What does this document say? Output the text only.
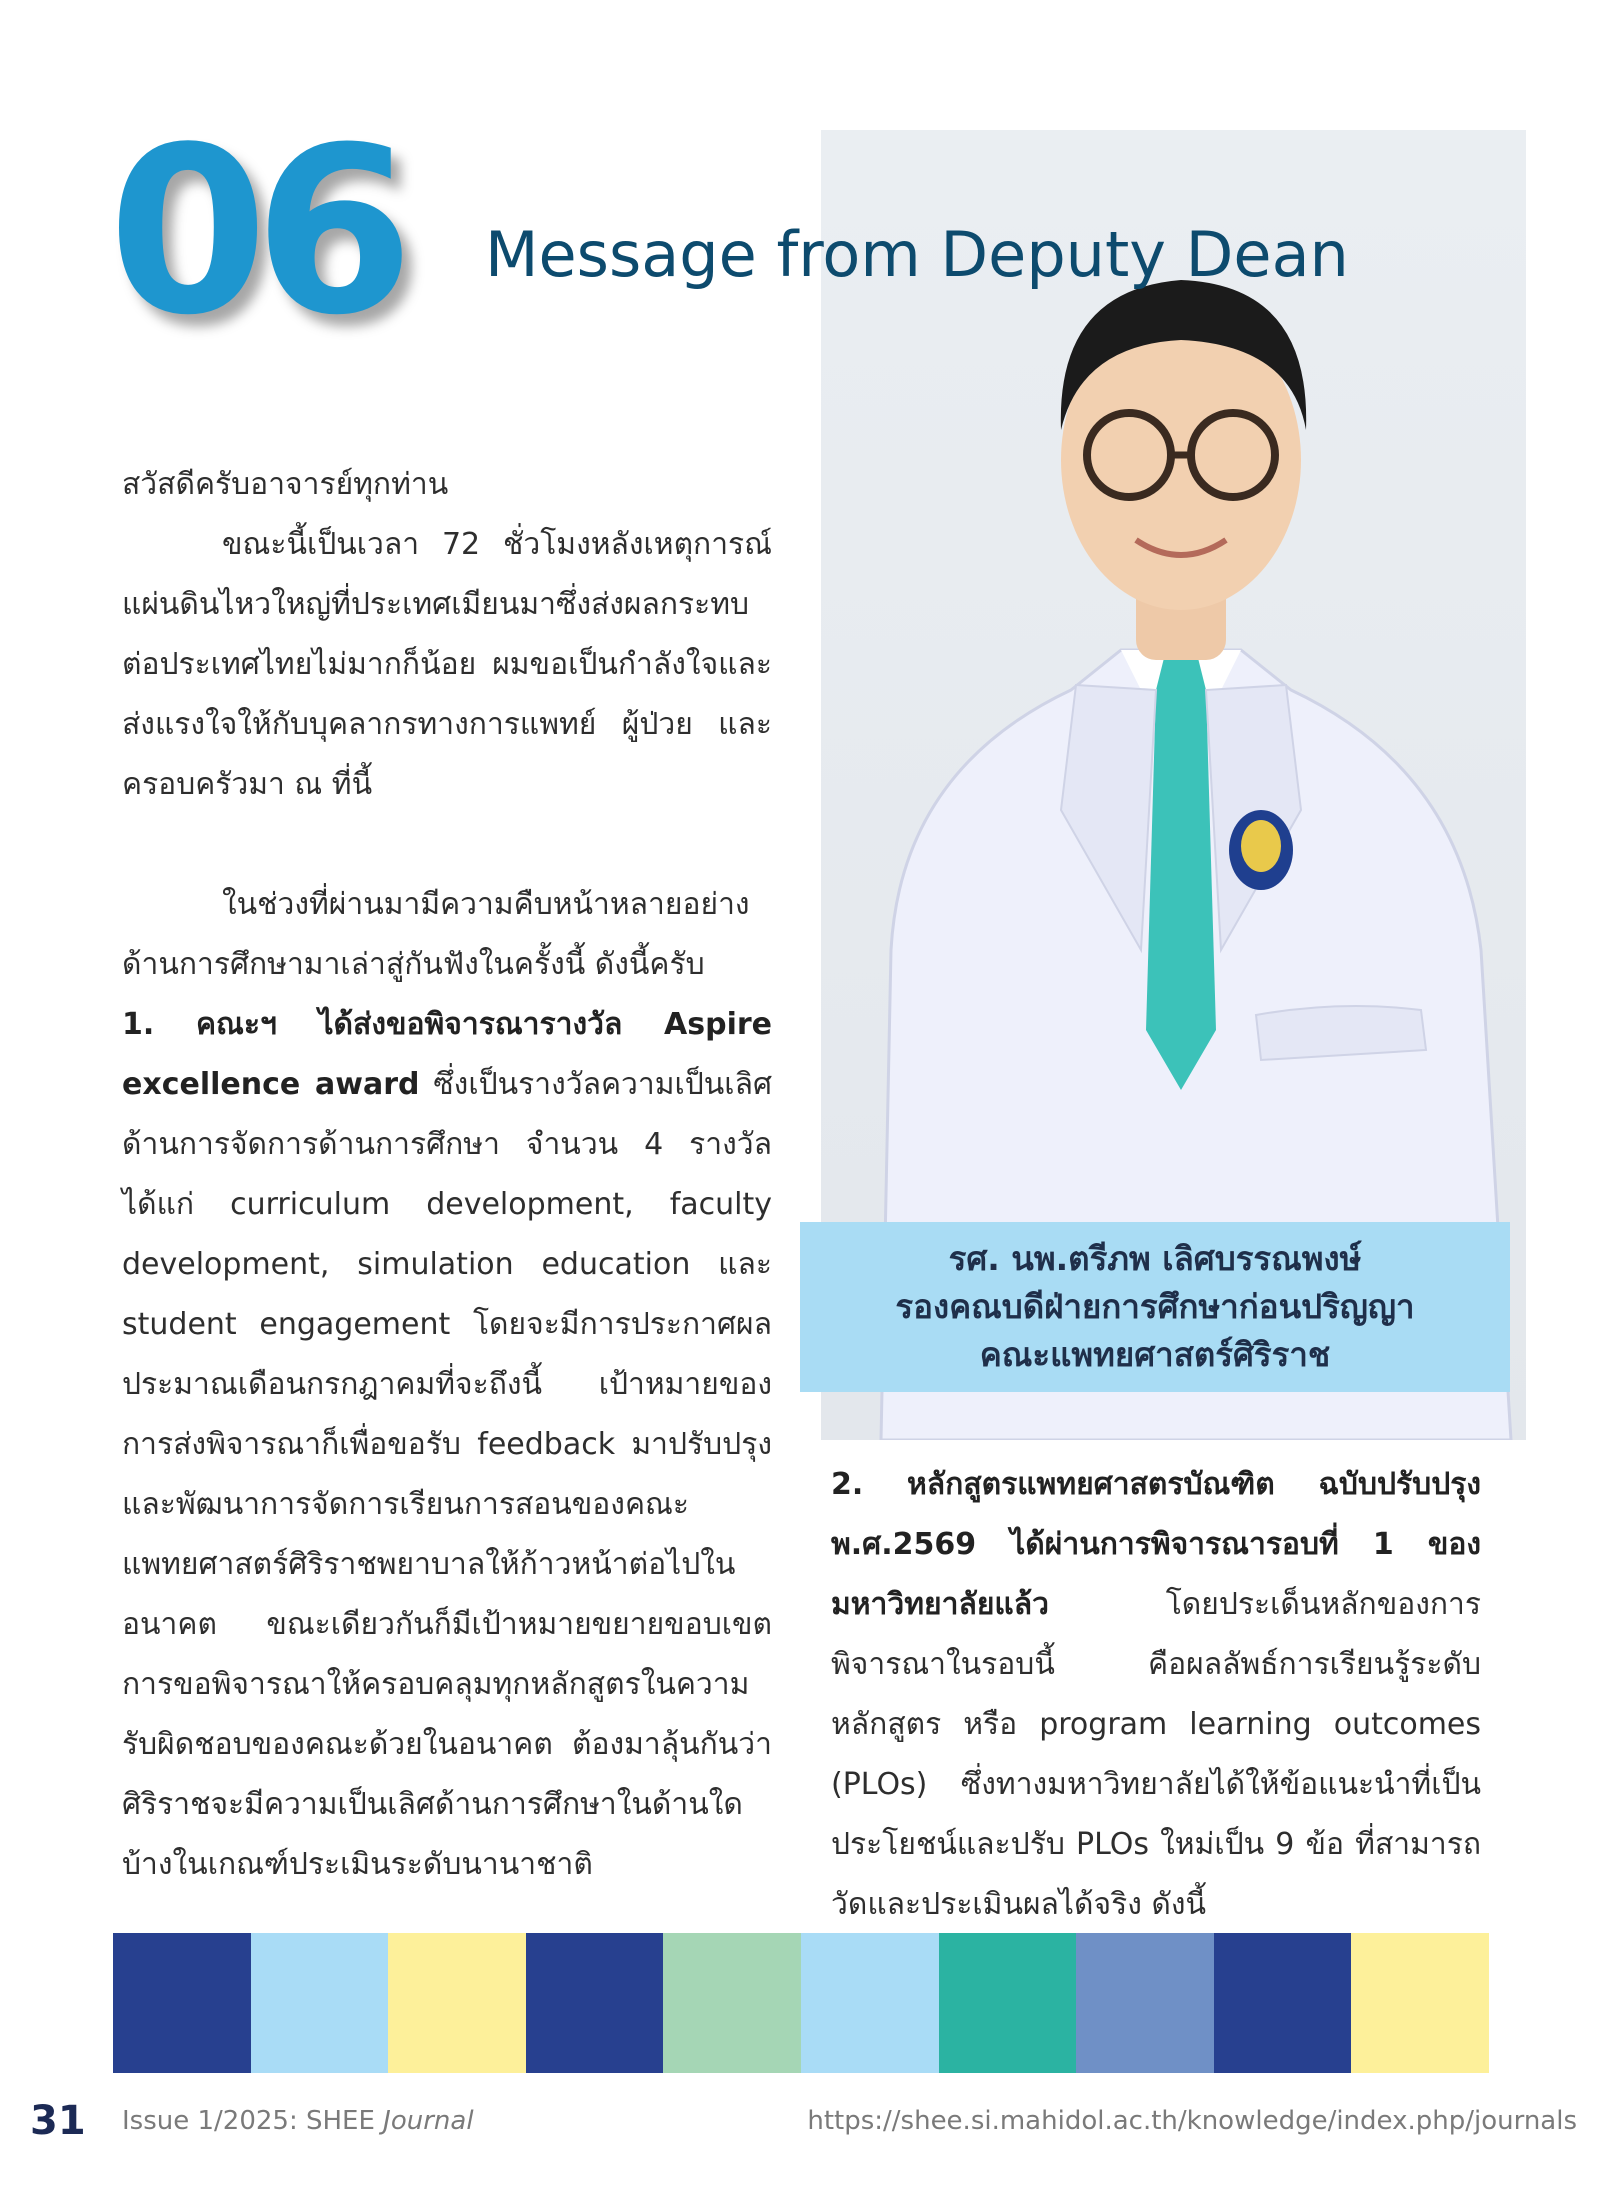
06 Message from Deputy Dean

สวัสดีครับอาจารย์ทุกท่าน

ขณะนี้เป็นเวลา 72 ชั่วโมงหลังเหตุการณ์แผ่นดินไหวใหญ่ที่ประเทศเมียนมาซึ่งส่งผลกระทบต่อประเทศไทยไม่มากก็น้อย ผมขอเป็นกำลังใจและส่งแรงใจให้กับบุคลากรทางการแพทย์ ผู้ป่วย และครอบครัวมา ณ ที่นี้

ในช่วงที่ผ่านมามีความคืบหน้าหลายอย่างด้านการศึกษามาเล่าสู่กันฟังในครั้งนี้ ดังนี้ครับ

1. คณะฯ ได้ส่งขอพิจารณารางวัล Aspire excellence award ซึ่งเป็นรางวัลความเป็นเลิศด้านการจัดการด้านการศึกษา จำนวน 4 รางวัล ได้แก่ curriculum development, faculty development, simulation education และ student engagement โดยจะมีการประกาศผลประมาณเดือนกรกฎาคมที่จะถึงนี้ เป้าหมายของการส่งพิจารณาก็เพื่อขอรับ feedback มาปรับปรุงและพัฒนาการจัดการเรียนการสอนของคณะแพทยศาสตร์ศิริราชพยาบาลให้ก้าวหน้าต่อไปในอนาคต ขณะเดียวกันก็มีเป้าหมายขยายขอบเขตการขอพิจารณาให้ครอบคลุมทุกหลักสูตรในความรับผิดชอบของคณะด้วยในอนาคต ต้องมาลุ้นกันว่าศิริราชจะมีความเป็นเลิศด้านการศึกษาในด้านใดบ้างในเกณฑ์ประเมินระดับนานาชาติ

รศ. นพ.ตรีภพ เลิศบรรณพงษ์
รองคณบดีฝ่ายการศึกษาก่อนปริญญา
คณะแพทยศาสตร์ศิริราช

2. หลักสูตรแพทยศาสตรบัณฑิต ฉบับปรับปรุง พ.ศ.2569 ได้ผ่านการพิจารณารอบที่ 1 ของมหาวิทยาลัยแล้ว โดยประเด็นหลักของการพิจารณาในรอบนี้ คือผลลัพธ์การเรียนรู้ระดับหลักสูตร หรือ program learning outcomes (PLOs) ซึ่งทางมหาวิทยาลัยได้ให้ข้อแนะนำที่เป็นประโยชน์และปรับ PLOs ใหม่เป็น 9 ข้อ ที่สามารถวัดและประเมินผลได้จริง ดังนี้

31 Issue 1/2025: SHEE Journal	https://shee.si.mahidol.ac.th/knowledge/index.php/journals
